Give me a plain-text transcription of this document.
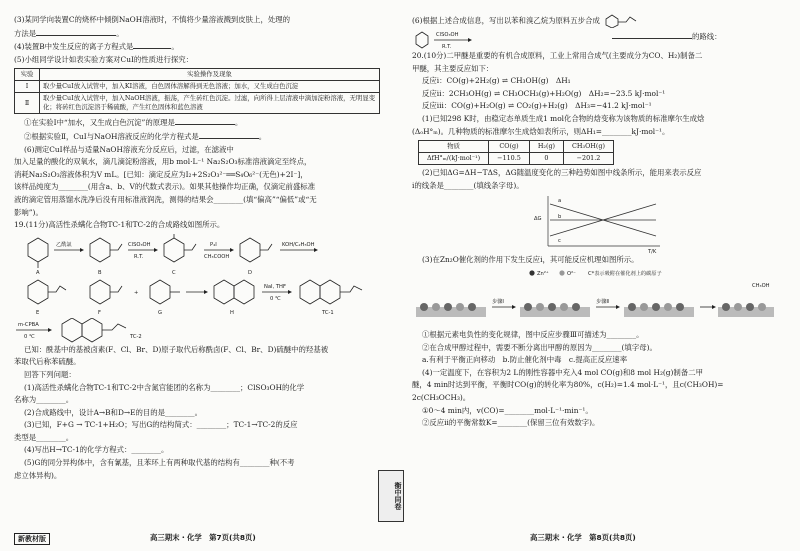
(3)某同学向装置C的烧杯中倾倒NaOH溶液时，不慎将少量溶液溅到皮肤上，处理的

方法是	。

(4)装置B中发生反应的离子方程式是	。

(5)小组同学设计如表实验方案对CuI的性质进行探究：

实验	实验操作及现象
Ⅰ	取少量CuI放入试管中，加入KI溶液，白色固体溶解得到无色溶液；加水，又生成白色沉淀
Ⅱ	取少量CuI放入试管中，加入NaOH溶液，振荡，产生砖红色沉淀。过滤，向所得上层清液中滴加淀粉溶液，无明显变化；将砖红色沉淀溶于稀硫酸，产生红色固体和蓝色溶液

①在实验Ⅰ中“加水，又生成白色沉淀”的原理是	。

②根据实验Ⅱ，CuI与NaOH溶液反应的化学方程式是	。

(6)测定CuI样品与适量NaOH溶液充分反应后，过滤，在滤液中

加入足量的酸化的双氧水，滴几滴淀粉溶液，用b mol·L⁻¹ Na₂S₂O₃标准溶液滴定至终点，

消耗Na₂S₂O₃溶液体积为V mL。[已知：滴定反应为I₂+2S₂O₃²⁻══S₄O₆²⁻(无色)+2I⁻]，

该样品纯度为________(用含a、b、V的代数式表示)。如果其他操作均正确，仅滴定前盛标准

液的滴定管用蒸馏水洗净后没有用标准液润洗，测得的结果会________(填“偏高”“偏低”或“无

影响”)。

19.(11分)高活性杀螨化合物TC-1和TC-2的合成路线如图所示。

A
乙酰氯
B
ClSO₃OH
R.T.
C
P₄I
CH₃COOH
D
KOH/C₂H₅OH
E	F
+
G	H
NaI, THF
0 ℃
TC-1
m-CPBA
0 ℃	TC-2

已知：酰基中的基被卤素(F、Cl、Br、D)原子取代后称酰卤(F、Cl、Br、D)硫醚中的羟基被

苯取代后称苯硫醚。

回答下列问题：

(1)高活性杀螨化合物TC-1和TC-2中含氮官能团的名称为________；ClSO₃OH的化学

名称为________。

(2)合成路线中，设计A→B和D→E的目的是________。

(3)已知，F+G → TC-1+H₂O；写出G的结构简式：________；TC-1→TC-2的反应

类型是________。

(4)写出H→TC-1的化学方程式：________。

(5)G的同分异构体中，含有氰基，且苯环上有两种取代基的结构有________种(不考

虑立体异构)。

新教材版	高三期末・化学　第7页(共8页)
衡中同卷

(6)根据上述合成信息，写出以苯和溴乙烷为原料五步合成

ClSO₃OH
R.T.
的路线：

20.(10分)二甲醚是重要的有机合成原料，工业上常用合成气(主要成分为CO、H₂)制备二

甲醚，其主要反应如下：

反应ⅰ：CO(g)+2H₂(g) ⇌ CH₃OH(g)　ΔH₁

反应ⅱ：2CH₃OH(g) ⇌ CH₃OCH₃(g)+H₂O(g)　ΔH₂=−23.5 kJ·mol⁻¹

反应ⅲ：CO(g)+H₂O(g) ⇌ CO₂(g)+H₂(g)　ΔH₃=−41.2 kJ·mol⁻¹

(1)已知298 K时，由稳定态单质生成1 mol化合物的焓变称为该物质的标准摩尔生成焓

(ΔₒH°ₘ)。几种物质的标准摩尔生成焓如表所示，则ΔH₁=________kJ·mol⁻¹。

物质	CO(g)	H₂(g)	CH₃OH(g)
ΔfH°ₘ/(kJ·mol⁻¹)	−110.5	0	−201.2

(2)已知ΔG=ΔH−TΔS，ΔG随温度变化的三种趋势如图中线条所示，能用来表示反应

ⅰ的线条是________(填线条字母)。

ΔG
T/K
a
b
c

(3)在Zn₂O催化剂的作用下发生反应ⅰ，其可能反应机理如图所示。

Zn²⁺	O²⁻ C*表示吸附在催化剂上的碳原子
步骤Ⅰ	步骤Ⅱ
CH₃OH

①根据元素电负性的变化规律，图中反应步骤Ⅲ可描述为________。

②在合成甲醇过程中，需要不断分离出甲醇的原因为________(填字母)。

a.有利于平衡正向移动　b.防止催化剂中毒　c.提高正反应速率

(4)一定温度下，在容积为2 L的刚性容器中充入4 mol CO(g)和8 mol H₂(g)制备二甲

醚，4 min时达到平衡，平衡时CO(g)的转化率为80%，c(H₂)=1.4 mol·L⁻¹，且c(CH₃OH)=

2c(CH₃OCH₃)。

①0～4 min内，v(CO)=________mol·L⁻¹·min⁻¹。

②反应ⅱ的平衡常数K=________(保留三位有效数字)。

高三期末・化学　第8页(共8页)
